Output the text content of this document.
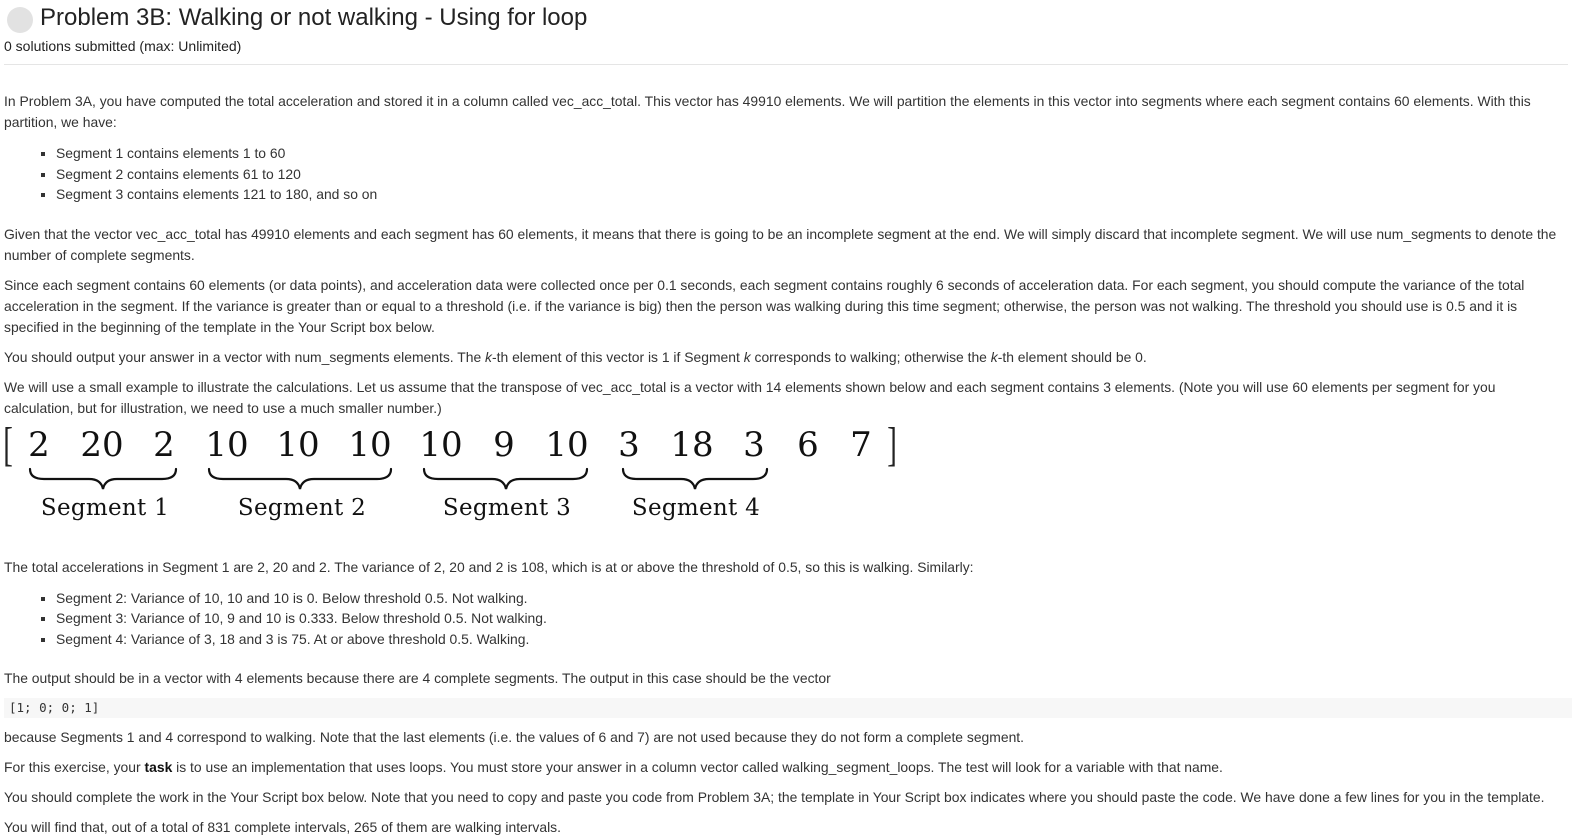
Problem 3B: Walking or not walking - Using for loop
0 solutions submitted (max: Unlimited)

In Problem 3A, you have computed the total acceleration and stored it in a column called vec_acc_total. This vector has 49910 elements. We will partition the elements in this vector into segments where each segment contains 60 elements. With this partition, we have:

▪ Segment 1 contains elements 1 to 60
▪ Segment 2 contains elements 61 to 120
▪ Segment 3 contains elements 121 to 180, and so on

Given that the vector vec_acc_total has 49910 elements and each segment has 60 elements, it means that there is going to be an incomplete segment at the end. We will simply discard that incomplete segment. We will use num_segments to denote the number of complete segments.

Since each segment contains 60 elements (or data points), and acceleration data were collected once per 0.1 seconds, each segment contains roughly 6 seconds of acceleration data. For each segment, you should compute the variance of the total acceleration in the segment. If the variance is greater than or equal to a threshold (i.e. if the variance is big) then the person was walking during this time segment; otherwise, the person was not walking. The threshold you should use is 0.5 and it is specified in the beginning of the template in the Your Script box below.

You should output your answer in a vector with num_segments elements. The k-th element of this vector is 1 if Segment k corresponds to walking; otherwise the k-th element should be 0.

We will use a small example to illustrate the calculations. Let us assume that the transpose of vec_acc_total is a vector with 14 elements shown below and each segment contains 3 elements. (Note you will use 60 elements per segment for you calculation, but for illustration, we need to use a much smaller number.)

[	]
2 20 2 10 10 10 10 9 10 3 18 3 6 7
Segment 1	Segment 2	Segment 3	Segment 4

The total accelerations in Segment 1 are 2, 20 and 2. The variance of 2, 20 and 2 is 108, which is at or above the threshold of 0.5, so this is walking. Similarly:

▪ Segment 2: Variance of 10, 10 and 10 is 0. Below threshold 0.5. Not walking.
▪ Segment 3: Variance of 10, 9 and 10 is 0.333. Below threshold 0.5. Not walking.
▪ Segment 4: Variance of 3, 18 and 3 is 75. At or above threshold 0.5. Walking.

The output should be in a vector with 4 elements because there are 4 complete segments. The output in this case should be the vector

[1; 0; 0; 1]

because Segments 1 and 4 correspond to walking. Note that the last elements (i.e. the values of 6 and 7) are not used because they do not form a complete segment.

For this exercise, your task is to use an implementation that uses loops. You must store your answer in a column vector called walking_segment_loops. The test will look for a variable with that name.

You should complete the work in the Your Script box below. Note that you need to copy and paste you code from Problem 3A; the template in Your Script box indicates where you should paste the code. We have done a few lines for you in the template.

You will find that, out of a total of 831 complete intervals, 265 of them are walking intervals.
